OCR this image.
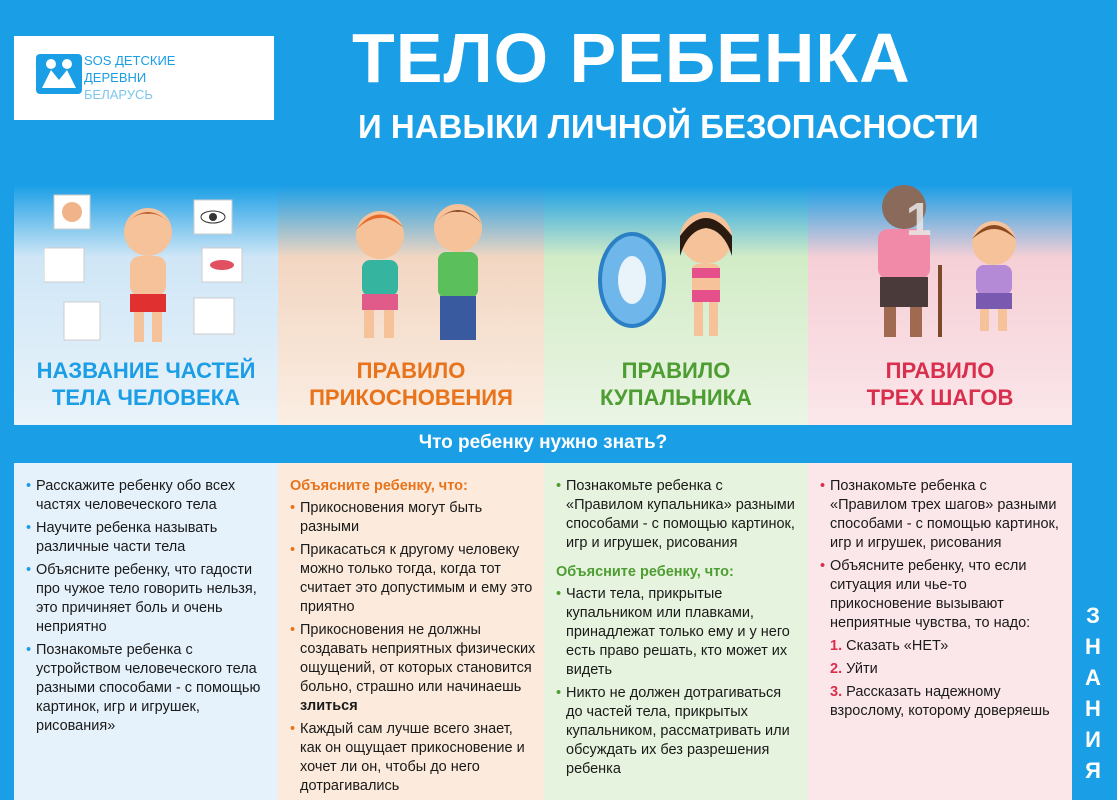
SOS ДЕТСКИЕ
ДЕРЕВНИ
БЕЛАРУСЬ	ТЕЛО РЕБЕНКА
И НАВЫКИ ЛИЧНОЙ БЕЗОПАСНОСТИ
НАЗВАНИЕ ЧАСТЕЙ
ТЕЛА ЧЕЛОВЕКА
ПРАВИЛО
ПРИКОСНОВЕНИЯ
ПРАВИЛО
КУПАЛЬНИКА
1
ПРАВИЛО
ТРЕХ ШАГОВ
Что ребенку нужно знать?
• Расскажите ребенку обо всех частях человеческого тела
• Научите ребенка называть различные части тела
• Объясните ребенку, что гадости про чужое тело говорить нельзя, это причиняет боль и очень неприятно
• Познакомьте ребенка с устройством человеческого тела разными способами - с помощью картинок, игр и игрушек, рисования»
Объясните ребенку, что:
• Прикосновения могут быть разными
• Прикасаться к другому человеку можно только тогда, когда тот считает это допустимым и ему это приятно
• Прикосновения не должны создавать неприятных физических ощущений, от которых становится больно, страшно или начинаешь злиться
• Каждый сам лучше всего знает, как он ощущает прикосновение и хочет ли он, чтобы до него дотрагивались
• Познакомьте ребенка с «Правилом купальника» разными способами - с помощью картинок, игр и игрушек, рисования
Объясните ребенку, что:
• Части тела, прикрытые купальником или плавками, принадлежат только ему и у него есть право решать, кто может их видеть
• Никто не должен дотрагиваться до частей тела, прикрытых купальником, рассматривать или обсуждать их без разрешения ребенка
• Познакомьте ребенка с «Правилом трех шагов» разными способами - с помощью картинок, игр и игрушек, рисования
• Объясните ребенку, что если ситуация или чье-то прикосновение вызывают неприятные чувства, то надо:
1. Сказать «НЕТ»
2. Уйти
3. Рассказать надежному взрослому, которому доверяешь
З
Н
А
Н
И
Я
